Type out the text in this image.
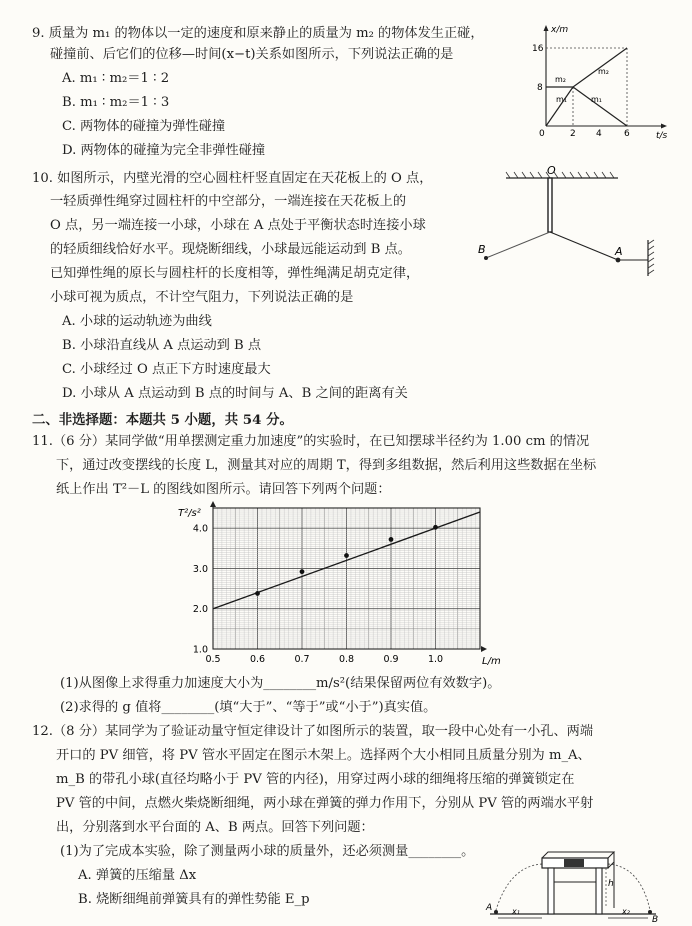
9. 质量为 m₁ 的物体以一定的速度和原来静止的质量为 m₂ 的物体发生正碰，
碰撞前、后它们的位移—时间(x−t)关系如图所示，下列说法正确的是
A. m₁ ∶ m₂＝1 ∶ 2
B. m₁ ∶ m₂＝1 ∶ 3
C. 两物体的碰撞为弹性碰撞
D. 两物体的碰撞为完全非弹性碰撞
x/m
t/s
8
16
0	2 4 6
m₁
m₂
m₁
m₂
10. 如图所示，内壁光滑的空心圆柱杆竖直固定在天花板上的 O 点，
一轻质弹性绳穿过圆柱杆的中空部分，一端连接在天花板上的
O 点，另一端连接一小球，小球在 A 点处于平衡状态时连接小球
的轻质细线恰好水平。现烧断细线，小球最远能运动到 B 点。
已知弹性绳的原长与圆柱杆的长度相等，弹性绳满足胡克定律，
小球可视为质点，不计空气阻力，下列说法正确的是
A. 小球的运动轨迹为曲线
B. 小球沿直线从 A 点运动到 B 点
C. 小球经过 O 点正下方时速度最大
D. 小球从 A 点运动到 B 点的时间与 A、B 之间的距离有关
O
A
B
二、非选择题：本题共 5 小题，共 54 分。
11.（6 分）某同学做“用单摆测定重力加速度”的实验时，在已知摆球半径约为 1.00 cm 的情况
下，通过改变摆线的长度 L，测量其对应的周期 T，得到多组数据，然后利用这些数据在坐标
纸上作出 T²－L 的图线如图所示。请回答下列两个问题：
0.5	0.6	0.7	0.8	0.9	1.0
1.0
2.0
3.0
4.0
T²/s²
L/m
(1)从图像上求得重力加速度大小为________m/s²(结果保留两位有效数字)。
(2)求得的 g 值将________(填“大于”、“等于”或“小于”)真实值。
12.（8 分）某同学为了验证动量守恒定律设计了如图所示的装置，取一段中心处有一小孔、两端
开口的 PV 细管，将 PV 管水平固定在图示木架上。选择两个大小相同且质量分别为 m_A、
m_B 的带孔小球(直径均略小于 PV 管的内径)，用穿过两小球的细绳将压缩的弹簧锁定在
PV 管的中间，点燃火柴烧断细绳，两小球在弹簧的弹力作用下，分别从 PV 管的两端水平射
出，分别落到水平台面的 A、B 两点。回答下列问题：
(1)为了完成本实验，除了测量两小球的质量外，还必须测量________。
A. 弹簧的压缩量 Δx
B. 烧断细绳前弹簧具有的弹性势能 E_p
A
B
h
x₁	x₂
